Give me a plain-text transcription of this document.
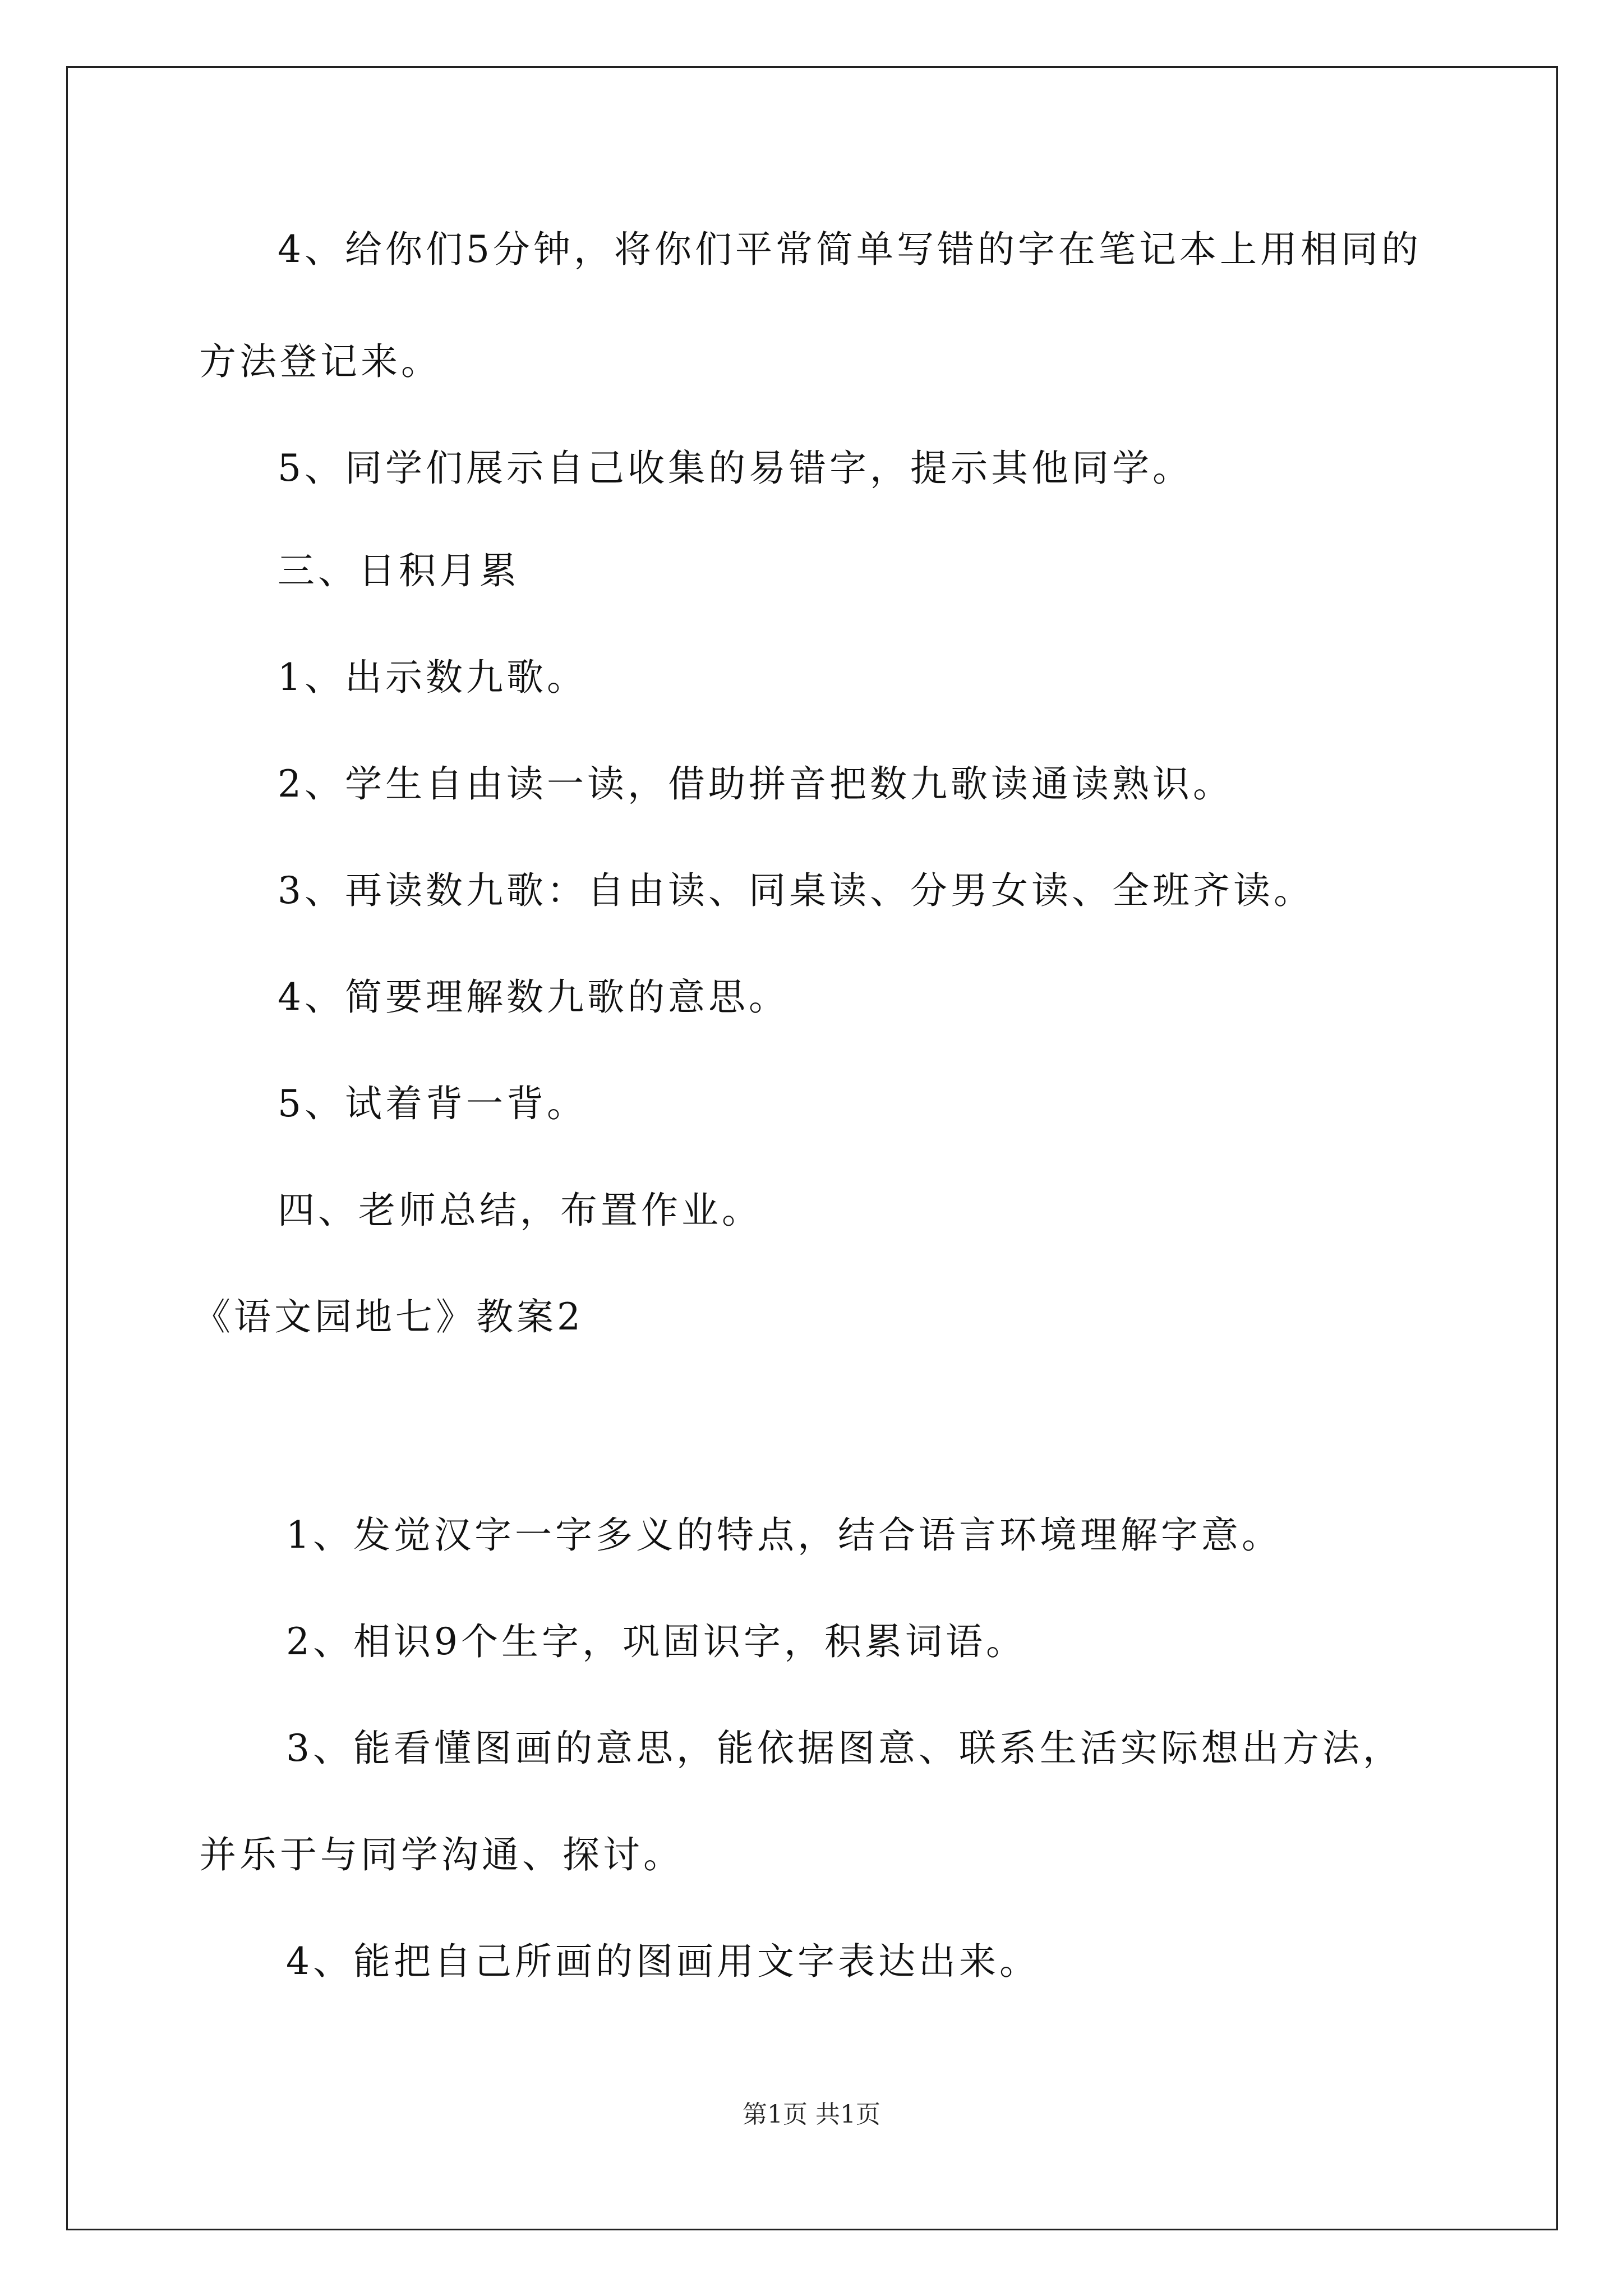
4、给你们5分钟，将你们平常简单写错的字在笔记本上用相同的
方法登记来。
5、同学们展示自己收集的易错字，提示其他同学。
三、日积月累
1、出示数九歌。
2、学生自由读一读，借助拼音把数九歌读通读熟识。
3、再读数九歌：自由读、同桌读、分男女读、全班齐读。
4、简要理解数九歌的意思。
5、试着背一背。
四、老师总结，布置作业。
《语文园地七》教案2
1、发觉汉字一字多义的特点，结合语言环境理解字意。
2、相识9个生字，巩固识字，积累词语。
3、能看懂图画的意思，能依据图意、联系生活实际想出方法，
并乐于与同学沟通、探讨。
4、能把自己所画的图画用文字表达出来。
第1页 共1页
